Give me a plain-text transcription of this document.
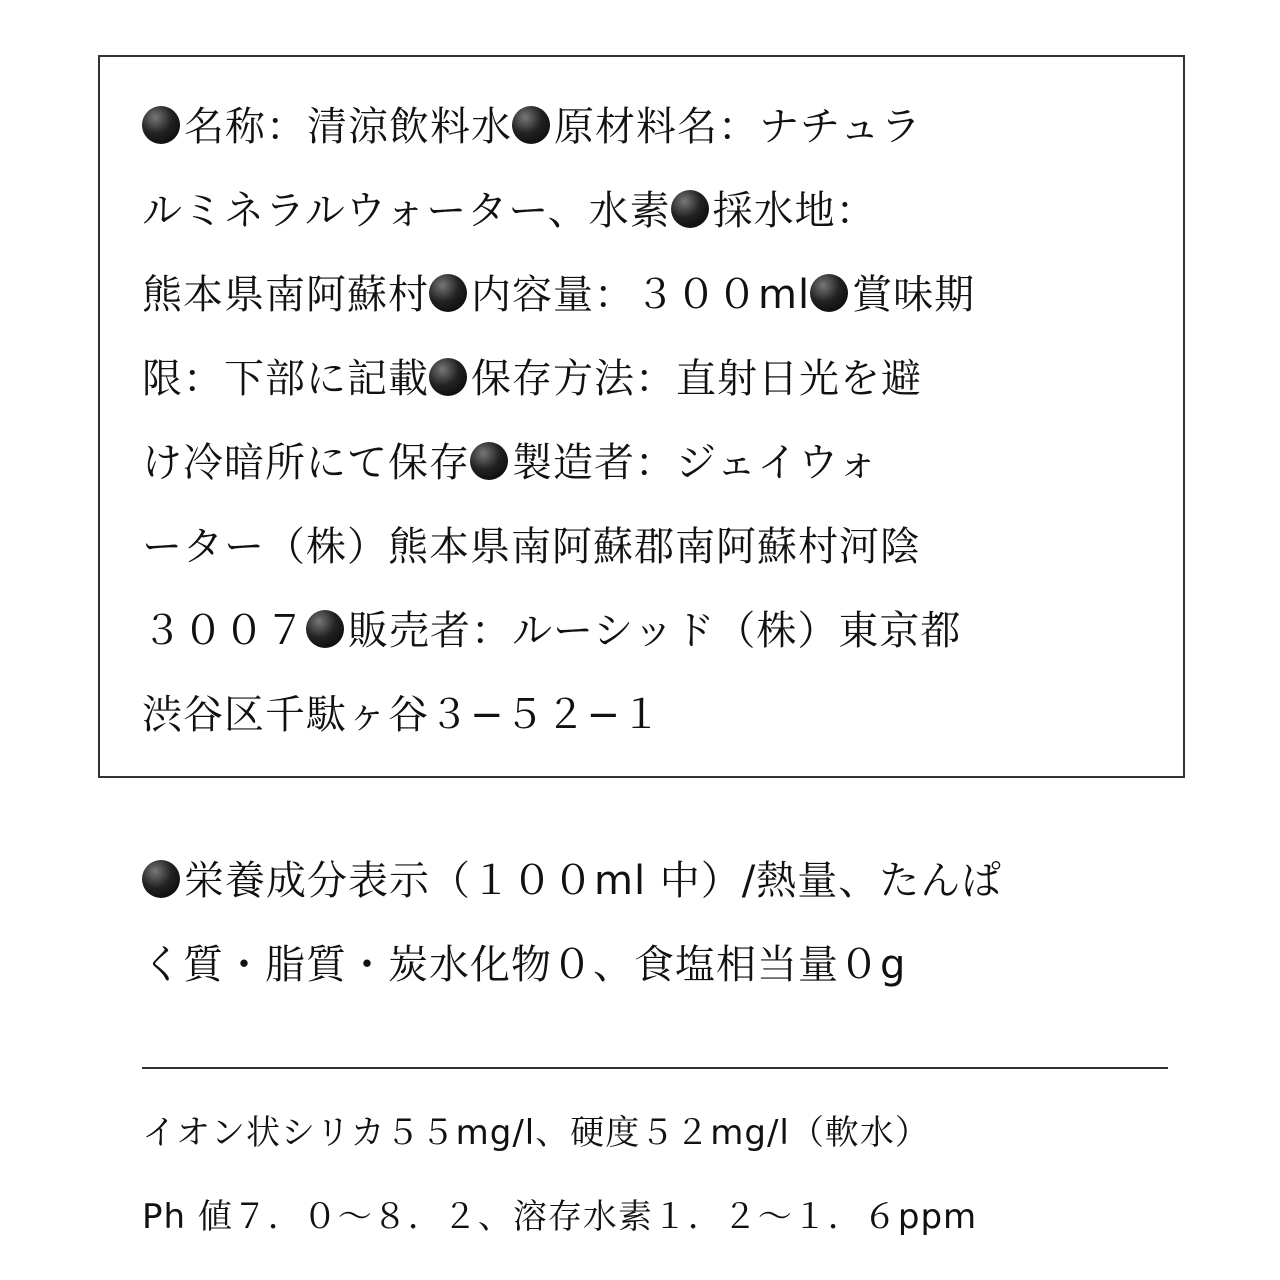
名称：清涼飲料水 原材料名：ナチュラ
ルミネラルウォーター、水素 採水地：
熊本県南阿蘇村 内容量：３００ml 賞味期
限：下部に記載 保存方法：直射日光を避
け冷暗所にて保存 製造者：ジェイウォ
ーター（株）熊本県南阿蘇郡南阿蘇村河陰
３００７ 販売者：ルーシッド（株）東京都
渋谷区千駄ヶ谷３−５２−１
栄養成分表示（１００ml 中）/熱量、たんぱ
く質・脂質・炭水化物０、食塩相当量０g
イオン状シリカ５５mg/l、硬度５２mg/l（軟水）
Ph 値７．０〜８．２、溶存水素１．２〜１．６ppm
